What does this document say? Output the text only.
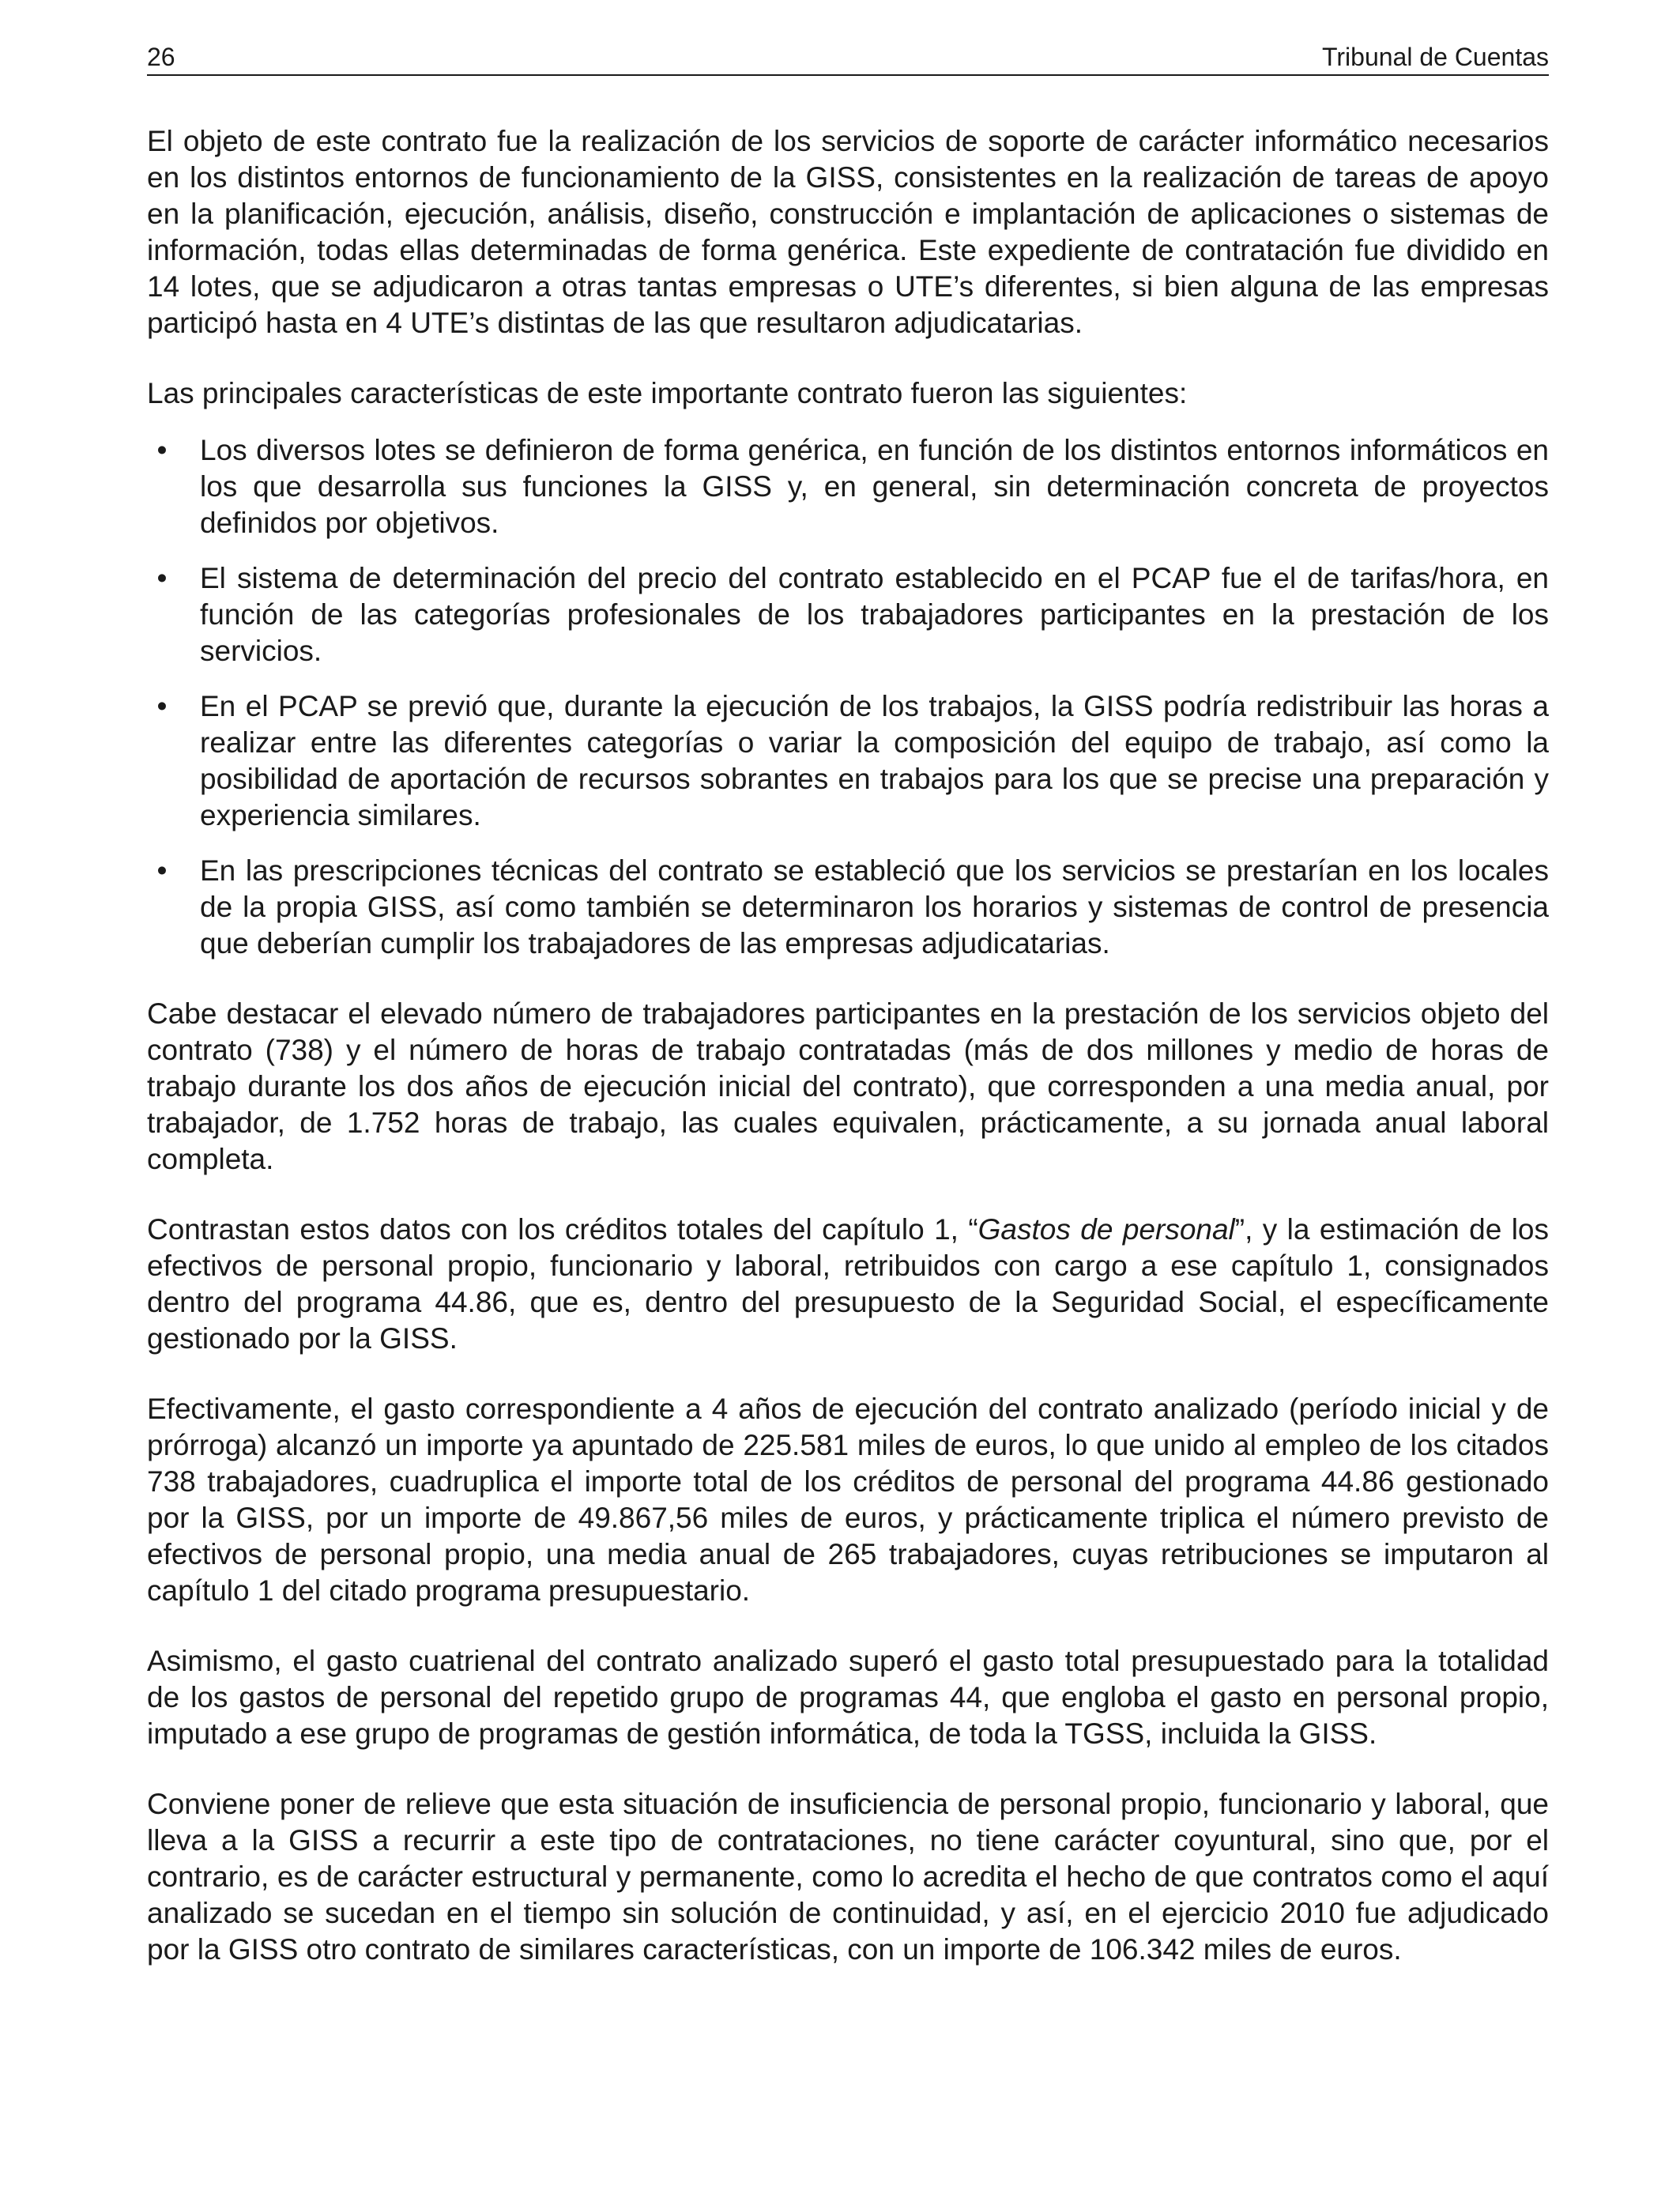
26	Tribunal de Cuentas

El objeto de este contrato fue la realización de los servicios de soporte de carácter informático necesarios en los distintos entornos de funcionamiento de la GISS, consistentes en la realización de tareas de apoyo en la planificación, ejecución, análisis, diseño, construcción e implantación de aplicaciones o sistemas de información, todas ellas determinadas de forma genérica. Este expediente de contratación fue dividido en 14 lotes, que se adjudicaron a otras tantas empresas o UTE’s diferentes, si bien alguna de las empresas participó hasta en 4 UTE’s distintas de las que resultaron adjudicatarias.

Las principales características de este importante contrato fueron las siguientes:

• Los diversos lotes se definieron de forma genérica, en función de los distintos entornos informáticos en los que desarrolla sus funciones la GISS y, en general, sin determinación concreta de proyectos definidos por objetivos.
• El sistema de determinación del precio del contrato establecido en el PCAP fue el de tarifas/hora, en función de las categorías profesionales de los trabajadores participantes en la prestación de los servicios.
• En el PCAP se previó que, durante la ejecución de los trabajos, la GISS podría redistribuir las horas a realizar entre las diferentes categorías o variar la composición del equipo de trabajo, así como la posibilidad de aportación de recursos sobrantes en trabajos para los que se precise una preparación y experiencia similares.
• En las prescripciones técnicas del contrato se estableció que los servicios se prestarían en los locales de la propia GISS, así como también se determinaron los horarios y sistemas de control de presencia que deberían cumplir los trabajadores de las empresas adjudicatarias.

Cabe destacar el elevado número de trabajadores participantes en la prestación de los servicios objeto del contrato (738) y el número de horas de trabajo contratadas (más de dos millones y medio de horas de trabajo durante los dos años de ejecución inicial del contrato), que corresponden a una media anual, por trabajador, de 1.752 horas de trabajo, las cuales equivalen, prácticamente, a su jornada anual laboral completa.

Contrastan estos datos con los créditos totales del capítulo 1, “Gastos de personal”, y la estimación de los efectivos de personal propio, funcionario y laboral, retribuidos con cargo a ese capítulo 1, consignados dentro del programa 44.86, que es, dentro del presupuesto de la Seguridad Social, el específicamente gestionado por la GISS.

Efectivamente, el gasto correspondiente a 4 años de ejecución del contrato analizado (período inicial y de prórroga) alcanzó un importe ya apuntado de 225.581 miles de euros, lo que unido al empleo de los citados 738 trabajadores, cuadruplica el importe total de los créditos de personal del programa 44.86 gestionado por la GISS, por un importe de 49.867,56 miles de euros, y prácticamente triplica el número previsto de efectivos de personal propio, una media anual de 265 trabajadores, cuyas retribuciones se imputaron al capítulo 1 del citado programa presupuestario.

Asimismo, el gasto cuatrienal del contrato analizado superó el gasto total presupuestado para la totalidad de los gastos de personal del repetido grupo de programas 44, que engloba el gasto en personal propio, imputado a ese grupo de programas de gestión informática, de toda la TGSS, incluida la GISS.

Conviene poner de relieve que esta situación de insuficiencia de personal propio, funcionario y laboral, que lleva a la GISS a recurrir a este tipo de contrataciones, no tiene carácter coyuntural, sino que, por el contrario, es de carácter estructural y permanente, como lo acredita el hecho de que contratos como el aquí analizado se sucedan en el tiempo sin solución de continuidad, y así, en el ejercicio 2010 fue adjudicado por la GISS otro contrato de similares características, con un importe de 106.342 miles de euros.
